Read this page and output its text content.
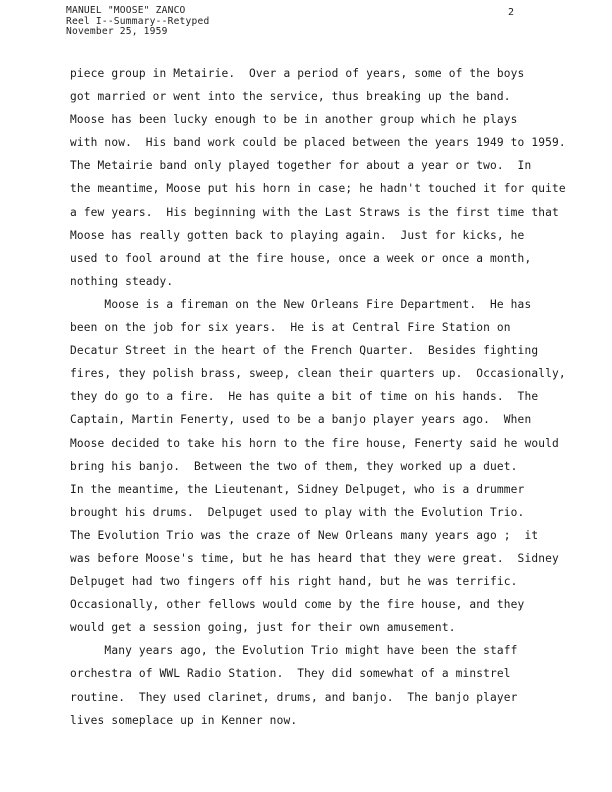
MANUEL "MOOSE" ZANCO
Reel I--Summary--Retyped
November 25, 1959
2
piece group in Metairie.  Over a period of years, some of the boys
got married or went into the service, thus breaking up the band.
Moose has been lucky enough to be in another group which he plays
with now.  His band work could be placed between the years 1949 to 1959.
The Metairie band only played together for about a year or two.  In
the meantime, Moose put his horn in case; he hadn't touched it for quite
a few years.  His beginning with the Last Straws is the first time that
Moose has really gotten back to playing again.  Just for kicks, he
used to fool around at the fire house, once a week or once a month,
nothing steady.
Moose is a fireman on the New Orleans Fire Department.  He has
been on the job for six years.  He is at Central Fire Station on
Decatur Street in the heart of the French Quarter.  Besides fighting
fires, they polish brass, sweep, clean their quarters up.  Occasionally,
they do go to a fire.  He has quite a bit of time on his hands.  The
Captain, Martin Fenerty, used to be a banjo player years ago.  When
Moose decided to take his horn to the fire house, Fenerty said he would
bring his banjo.  Between the two of them, they worked up a duet.
In the meantime, the Lieutenant, Sidney Delpuget, who is a drummer
brought his drums.  Delpuget used to play with the Evolution Trio.
The Evolution Trio was the craze of New Orleans many years ago ;  it
was before Moose's time, but he has heard that they were great.  Sidney
Delpuget had two fingers off his right hand, but he was terrific.
Occasionally, other fellows would come by the fire house, and they
would get a session going, just for their own amusement.
Many years ago, the Evolution Trio might have been the staff
orchestra of WWL Radio Station.  They did somewhat of a minstrel
routine.  They used clarinet, drums, and banjo.  The banjo player
lives someplace up in Kenner now.
